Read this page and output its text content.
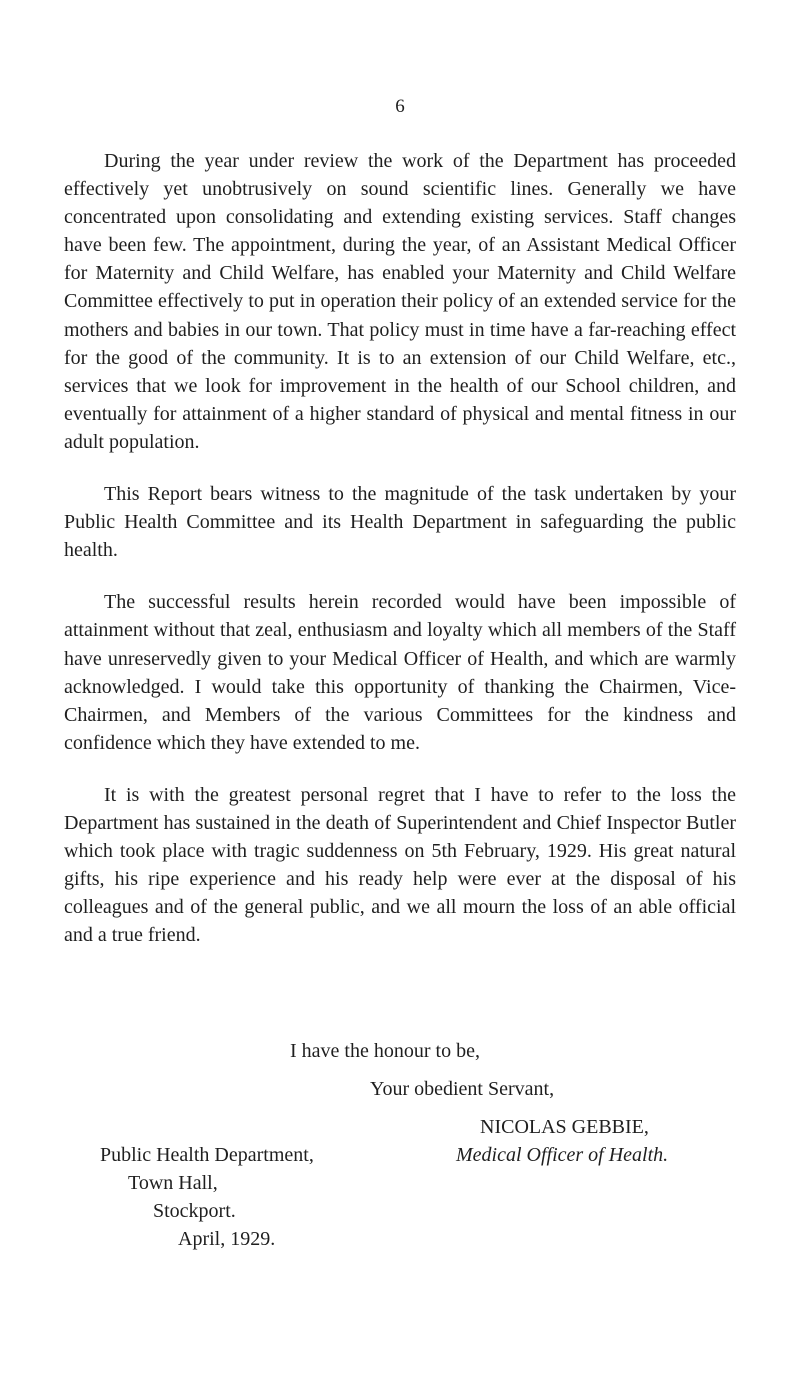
6

During the year under review the work of the Department has proceeded effectively yet unobtrusively on sound scientific lines. Generally we have concentrated upon consolidating and extending existing services. Staff changes have been few. The appointment, during the year, of an Assistant Medical Officer for Maternity and Child Welfare, has enabled your Maternity and Child Welfare Committee effectively to put in operation their policy of an extended service for the mothers and babies in our town. That policy must in time have a far-reaching effect for the good of the community. It is to an extension of our Child Welfare, etc., services that we look for improvement in the health of our School children, and eventually for attainment of a higher standard of physical and mental fitness in our adult population.

This Report bears witness to the magnitude of the task undertaken by your Public Health Committee and its Health Department in safeguarding the public health.

The successful results herein recorded would have been impossible of attainment without that zeal, enthusiasm and loyalty which all members of the Staff have unreservedly given to your Medical Officer of Health, and which are warmly acknowledged. I would take this opportunity of thanking the Chairmen, Vice-Chairmen, and Members of the various Committees for the kindness and confidence which they have extended to me.

It is with the greatest personal regret that I have to refer to the loss the Department has sustained in the death of Superintendent and Chief Inspector Butler which took place with tragic suddenness on 5th February, 1929. His great natural gifts, his ripe experience and his ready help were ever at the disposal of his colleagues and of the general public, and we all mourn the loss of an able official and a true friend.

I have the honour to be,
Your obedient Servant,
NICOLAS GEBBIE,
Medical Officer of Health.
Public Health Department,
Town Hall,
Stockport.
April, 1929.
